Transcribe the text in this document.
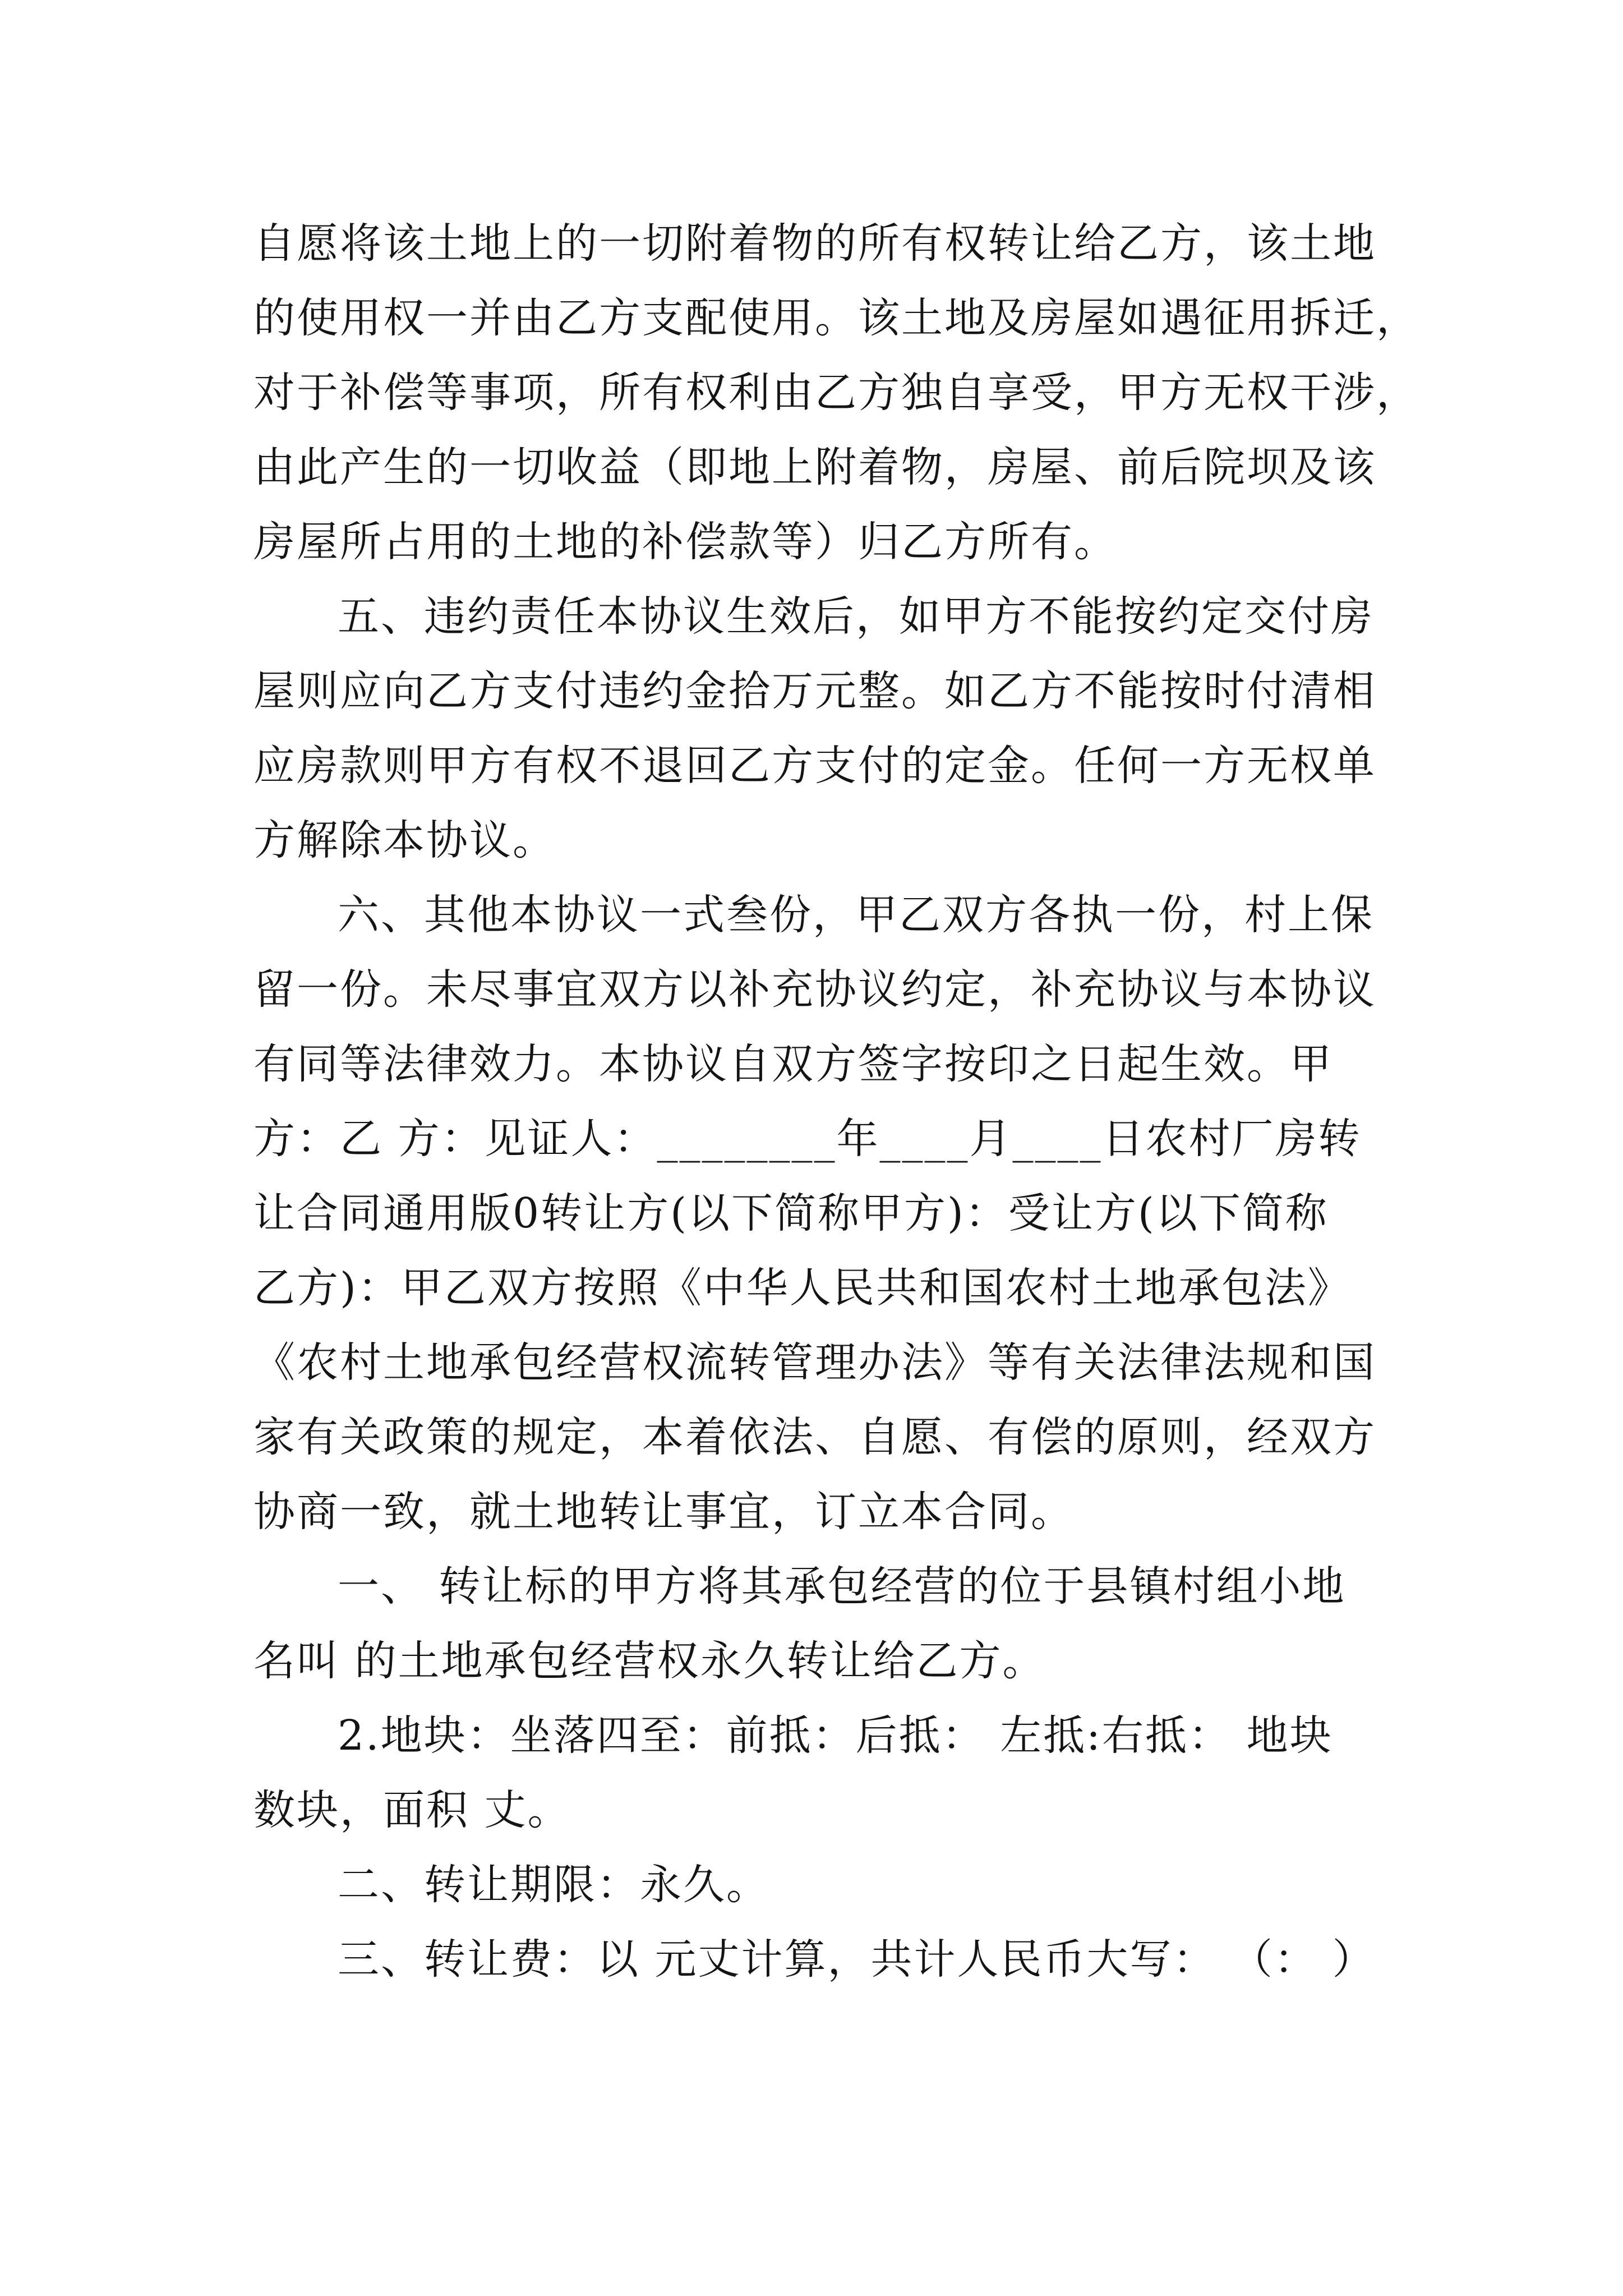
自愿将该土地上的一切附着物的所有权转让给乙方，该土地
的使用权一并由乙方支配使用。该土地及房屋如遇征用拆迁，
对于补偿等事项，所有权利由乙方独自享受，甲方无权干涉，
由此产生的一切收益（即地上附着物，房屋、前后院坝及该
房屋所占用的土地的补偿款等）归乙方所有。
五、违约责任本协议生效后，如甲方不能按约定交付房
屋则应向乙方支付违约金拾万元整。如乙方不能按时付清相
应房款则甲方有权不退回乙方支付的定金。任何一方无权单
方解除本协议。
六、其他本协议一式叁份，甲乙双方各执一份，村上保
留一份。未尽事宜双方以补充协议约定，补充协议与本协议
有同等法律效力。本协议自双方签字按印之日起生效。甲
方：乙 方：见证人：________年____月____日农村厂房转
让合同通用版0转让方(以下简称甲方)：受让方(以下简称
乙方)：甲乙双方按照《中华人民共和国农村土地承包法》
《农村土地承包经营权流转管理办法》等有关法律法规和国
家有关政策的规定，本着依法、自愿、有偿的原则，经双方
协商一致，就土地转让事宜，订立本合同。
一、 转让标的甲方将其承包经营的位于县镇村组小地
名叫 的土地承包经营权永久转让给乙方。
2.地块：坐落四至：前抵：后抵： 左抵:右抵： 地块
数块，面积 丈。
二、转让期限：永久。
三、转让费：以 元丈计算，共计人民币大写： （： ）
